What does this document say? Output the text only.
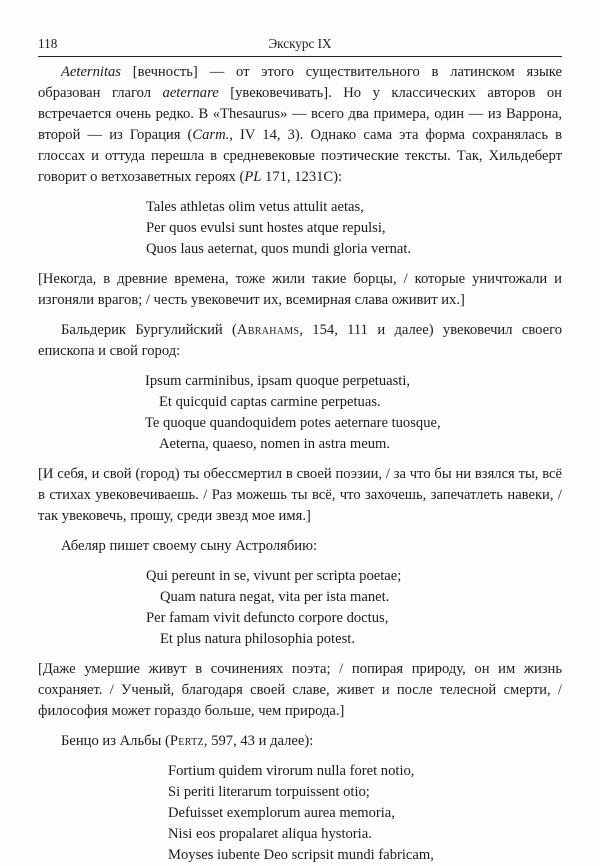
118	Экскурс IX

Aeternitas [вечность] — от этого существительного в латинском языке образован глагол aeternare [увековечивать]. Но у классических авторов он встречается очень редко. В «Thesaurus» — всего два примера, один — из Варрона, второй — из Горация (Carm., IV 14, 3). Однако сама эта форма сохранялась в глоссах и оттуда перешла в средневековые поэтические тексты. Так, Хильдеберт говорит о ветхозаветных героях (PL 171, 1231C):

Tales athletas olim vetus attulit aetas,
Per quos evulsi sunt hostes atque repulsi,
Quos laus aeternat, quos mundi gloria vernat.

[Некогда, в древние времена, тоже жили такие борцы, / которые уничтожали и изгоняли врагов; / честь увековечит их, всемирная слава оживит их.]

Бальдерик Бургулийский (Abrahams, 154, 111 и далее) увековечил своего епископа и свой город:

Ipsum carminibus, ipsam quoque perpetuasti,
Et quicquid captas carmine perpetuas.
Te quoque quandoquidem potes aeternare tuosque,
Aeterna, quaeso, nomen in astra meum.

[И себя, и свой (город) ты обессмертил в своей поэзии, / за что бы ни взялся ты, всё в стихах увековечиваешь. / Раз можешь ты всё, что захочешь, запечатлеть навеки, / так увековечь, прошу, среди звезд мое имя.]

Абеляр пишет своему сыну Астролябию:

Qui pereunt in se, vivunt per scripta poetae;
Quam natura negat, vita per ista manet.
Per famam vivit defuncto corpore doctus,
Et plus natura philosophia potest.

[Даже умершие живут в сочинениях поэта; / попирая природу, он им жизнь сохраняет. / Ученый, благодаря своей славе, живет и после телесной смерти, / философия может гораздо больше, чем природа.]

Бенцо из Альбы (Pertz, 597, 43 и далее):

Fortium quidem virorum nulla foret notio,
Si periti literarum torpuissent otio;
Defuisset exemplorum aurea memoria,
Nisi eos propalaret aliqua hystoria.
Moyses iubente Deo scripsit mundi fabricam,
